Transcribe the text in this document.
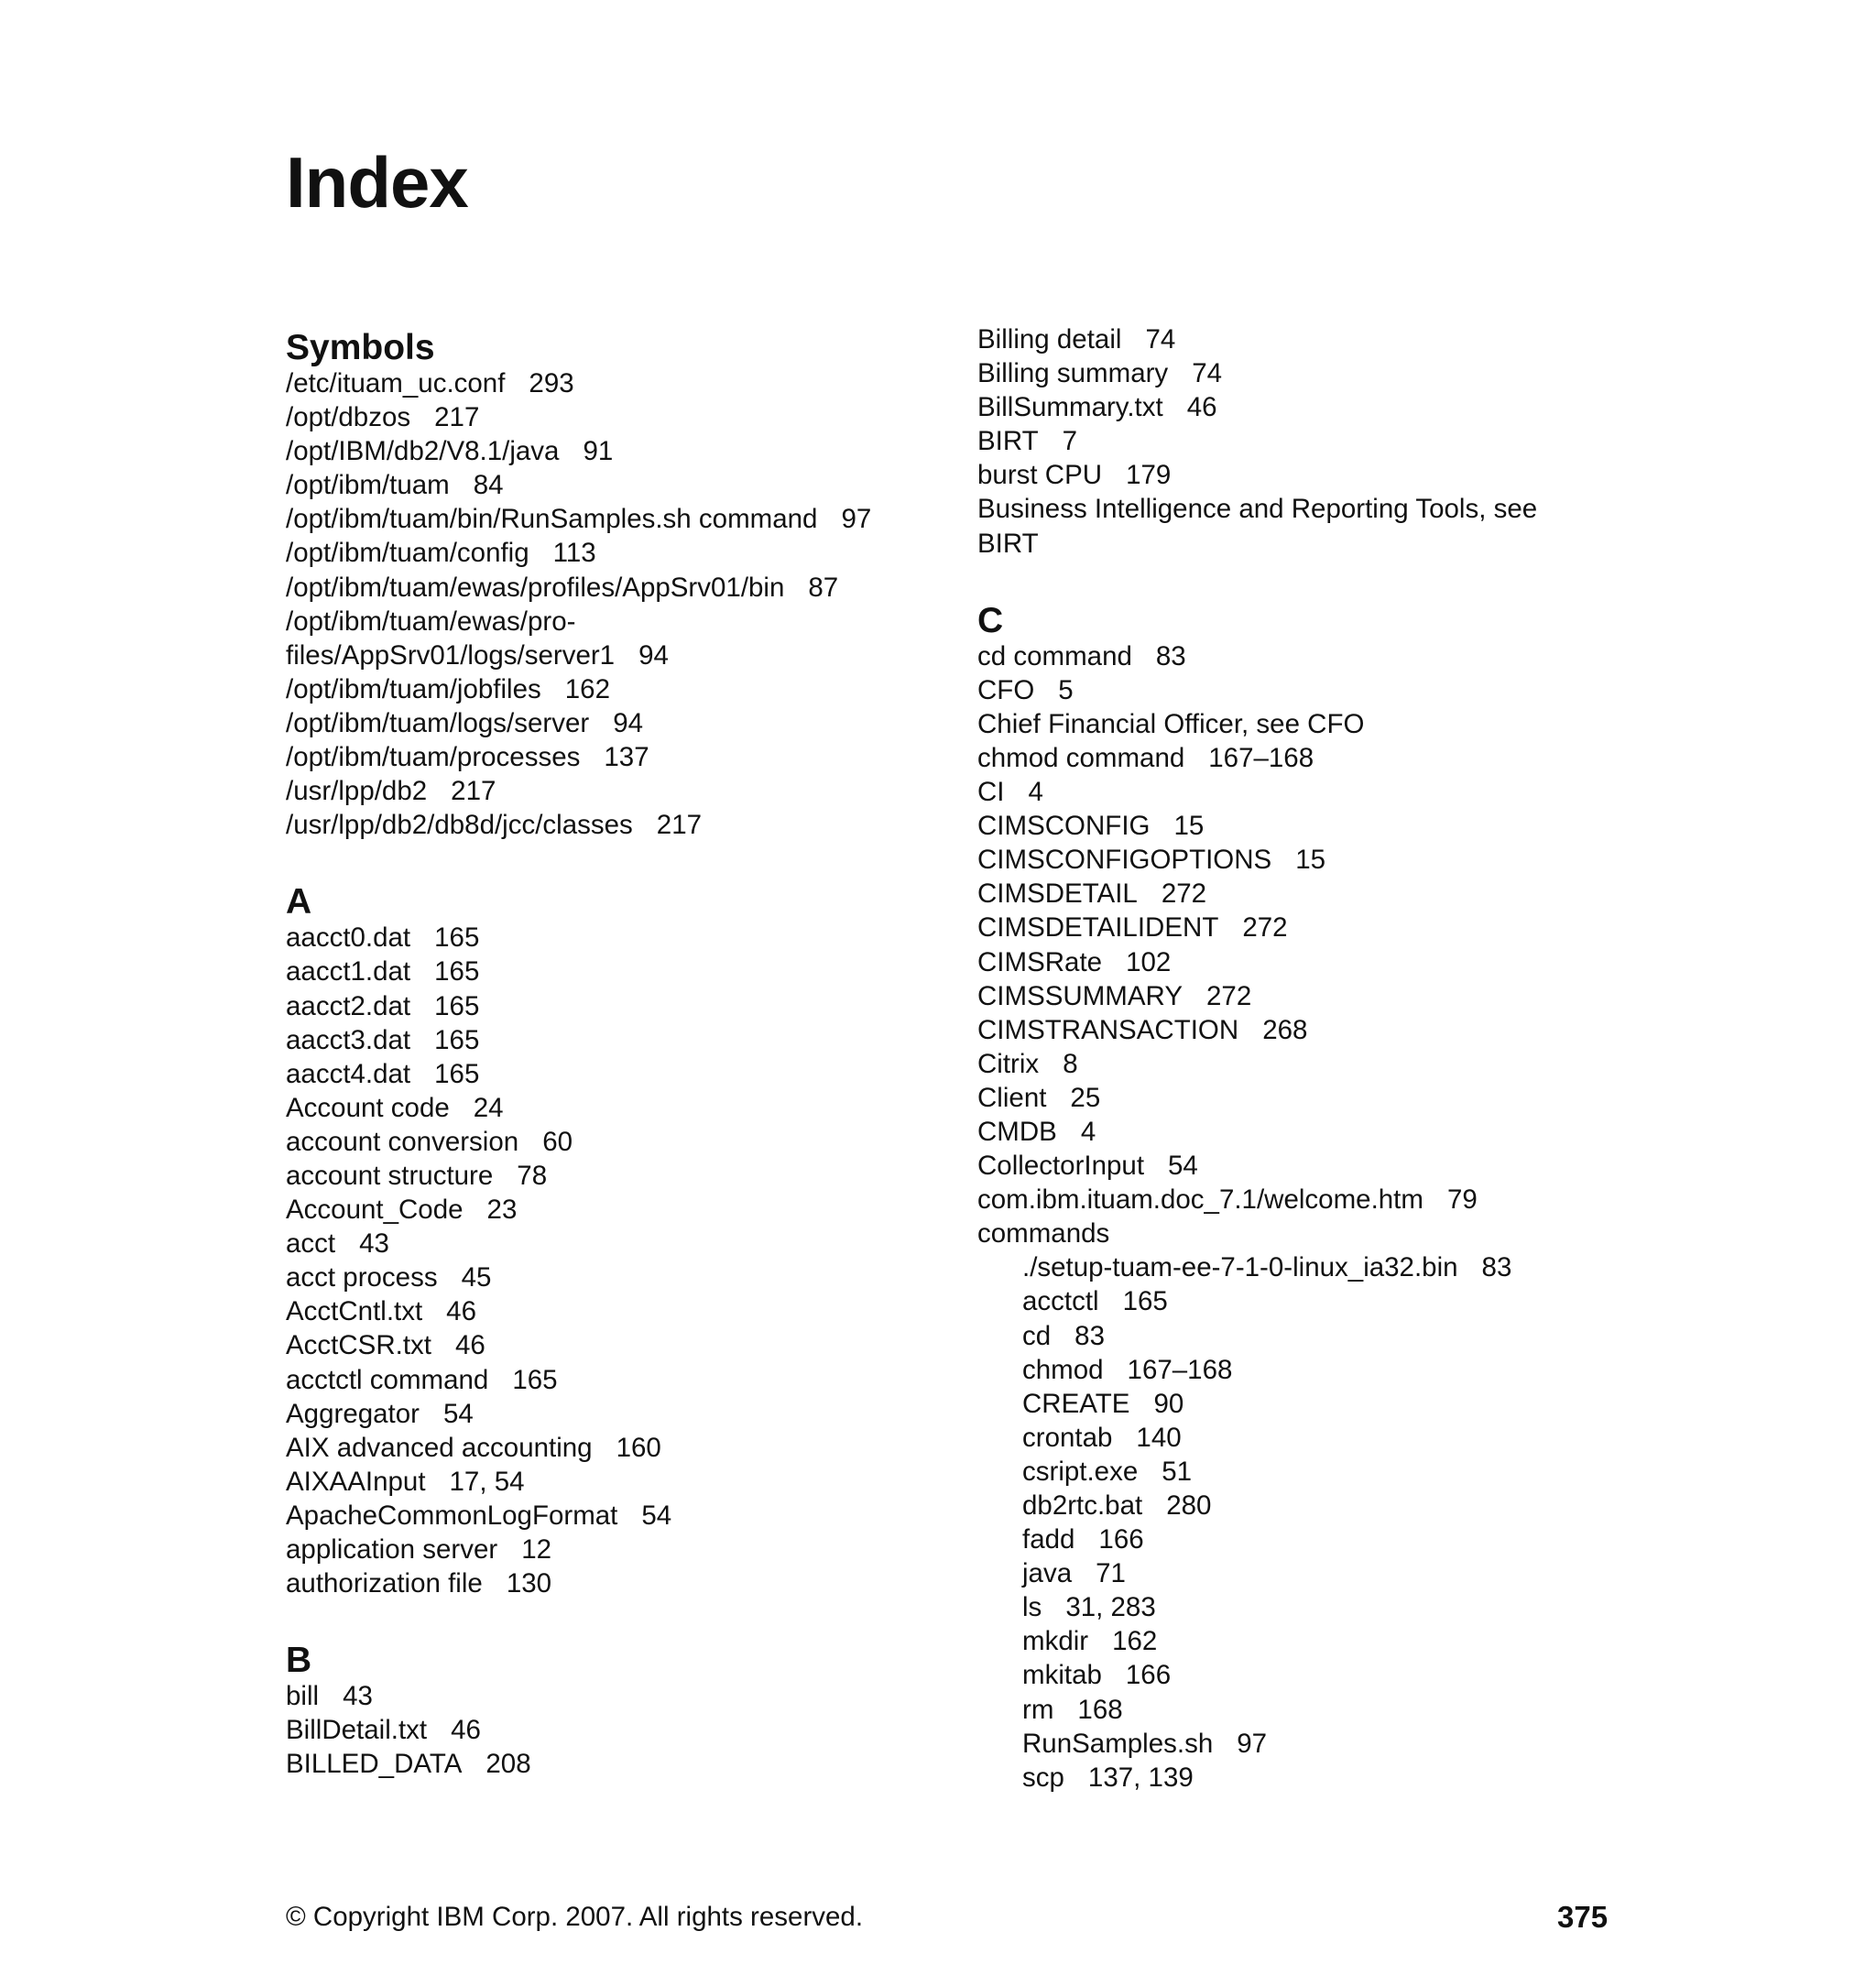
Index
Symbols
/etc/ituam_uc.conf 293
/opt/dbzos 217
/opt/IBM/db2/V8.1/java 91
/opt/ibm/tuam 84
/opt/ibm/tuam/bin/RunSamples.sh command 97
/opt/ibm/tuam/config 113
/opt/ibm/tuam/ewas/profiles/AppSrv01/bin 87
/opt/ibm/tuam/ewas/pro-
files/AppSrv01/logs/server1 94
/opt/ibm/tuam/jobfiles 162
/opt/ibm/tuam/logs/server 94
/opt/ibm/tuam/processes 137
/usr/lpp/db2 217
/usr/lpp/db2/db8d/jcc/classes 217
A
aacct0.dat 165
aacct1.dat 165
aacct2.dat 165
aacct3.dat 165
aacct4.dat 165
Account code 24
account conversion 60
account structure 78
Account_Code 23
acct 43
acct process 45
AcctCntl.txt 46
AcctCSR.txt 46
acctctl command 165
Aggregator 54
AIX advanced accounting 160
AIXAAInput 17, 54
ApacheCommonLogFormat 54
application server 12
authorization file 130
B
bill 43
BillDetail.txt 46
BILLED_DATA 208
Billing detail 74
Billing summary 74
BillSummary.txt 46
BIRT 7
burst CPU 179
Business Intelligence and Reporting Tools, see
BIRT
C
cd command 83
CFO 5
Chief Financial Officer, see CFO
chmod command 167–168
CI 4
CIMSCONFIG 15
CIMSCONFIGOPTIONS 15
CIMSDETAIL 272
CIMSDETAILIDENT 272
CIMSRate 102
CIMSSUMMARY 272
CIMSTRANSACTION 268
Citrix 8
Client 25
CMDB 4
CollectorInput 54
com.ibm.ituam.doc_7.1/welcome.htm 79
commands
./setup-tuam-ee-7-1-0-linux_ia32.bin 83
acctctl 165
cd 83
chmod 167–168
CREATE 90
crontab 140
csript.exe 51
db2rtc.bat 280
fadd 166
java 71
ls 31, 283
mkdir 162
mkitab 166
rm 168
RunSamples.sh 97
scp 137, 139
© Copyright IBM Corp. 2007. All rights reserved.	375
